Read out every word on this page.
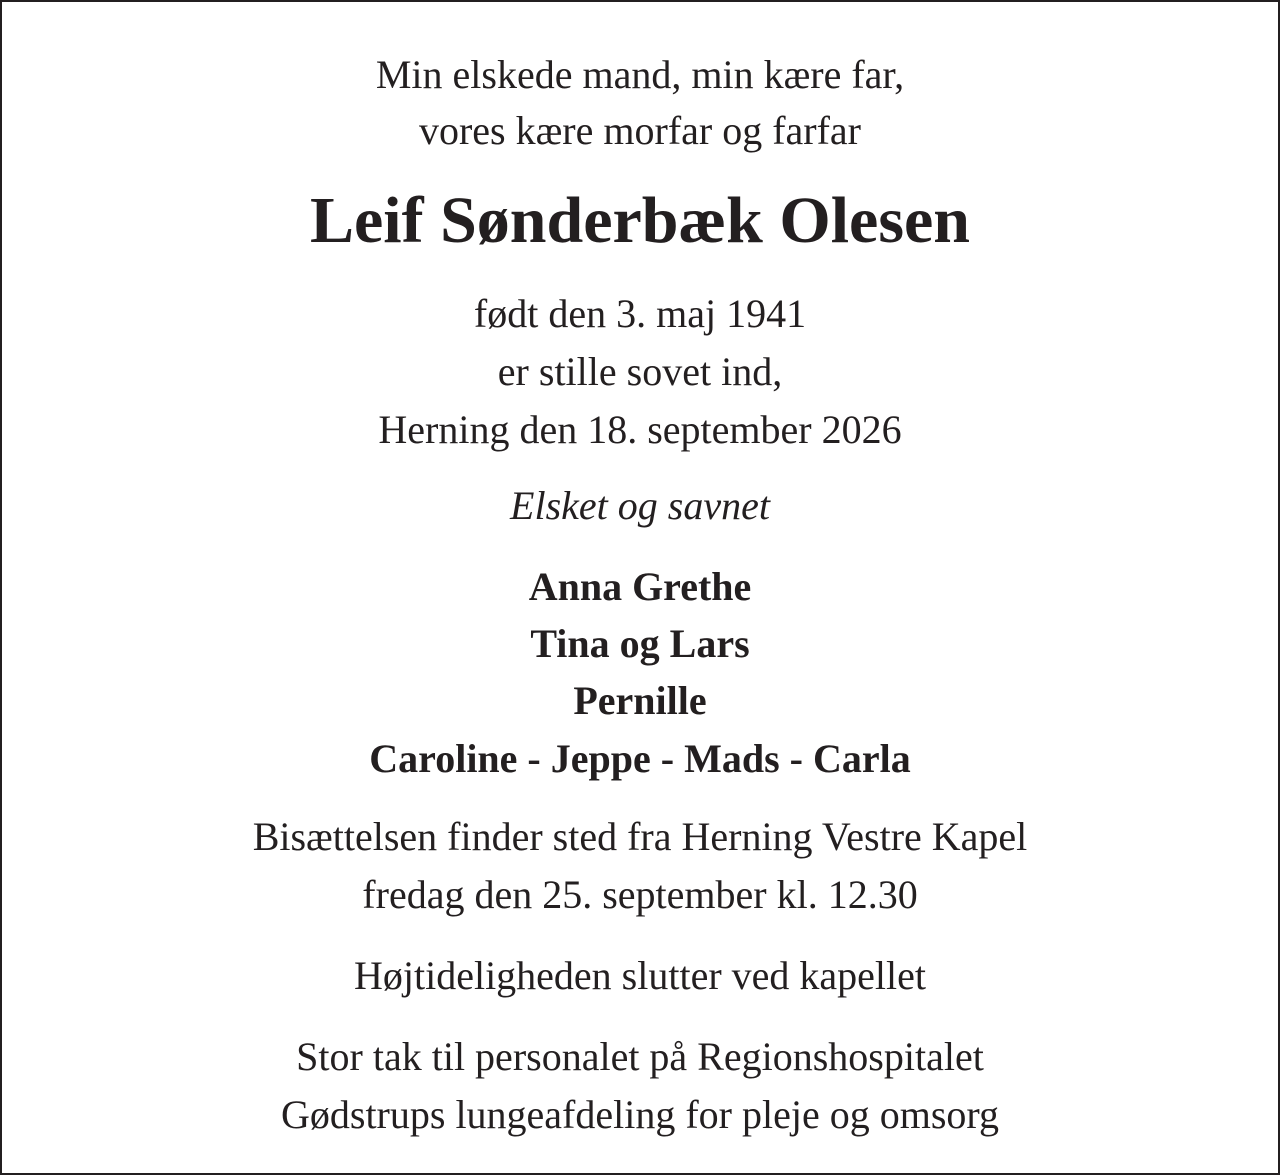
Min elskede mand, min kære far,
vores kære morfar og farfar
Leif Sønderbæk Olesen
født den 3. maj 1941
er stille sovet ind,
Herning den 18. september 2026
Elsket og savnet
Anna Grethe
Tina og Lars
Pernille
Caroline - Jeppe - Mads - Carla
Bisættelsen finder sted fra Herning Vestre Kapel
fredag den 25. september kl. 12.30
Højtideligheden slutter ved kapellet
Stor tak til personalet på Regionshospitalet
Gødstrups lungeafdeling for pleje og omsorg
